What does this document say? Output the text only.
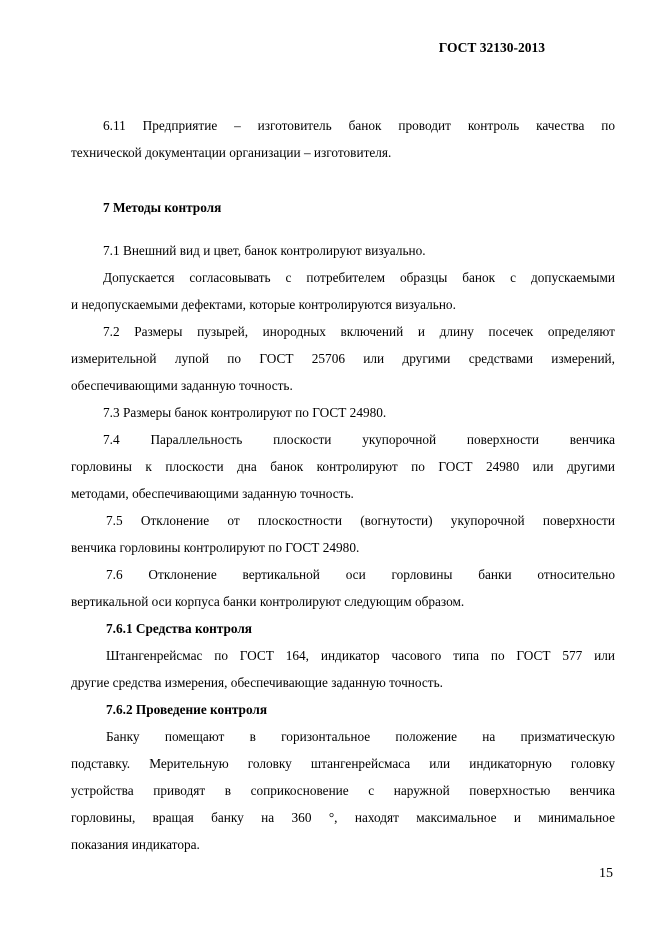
ГОСТ 32130-2013
6.11 Предприятие – изготовитель банок проводит контроль качества по
технической документации организации – изготовителя.
7 Методы контроля
7.1 Внешний вид и цвет, банок контролируют визуально.
Допускается согласовывать с потребителем образцы банок с допускаемыми
и недопускаемыми дефектами, которые контролируются визуально.
7.2 Размеры пузырей, инородных включений и длину посечек определяют
измерительной лупой по ГОСТ 25706 или другими средствами измерений,
обеспечивающими заданную точность.
7.3 Размеры банок контролируют по ГОСТ 24980.
7.4 Параллельность плоскости укупорочной поверхности венчика
горловины к плоскости дна банок контролируют по ГОСТ 24980 или другими
методами, обеспечивающими заданную точность.
7.5 Отклонение от плоскостности (вогнутости) укупорочной поверхности
венчика горловины контролируют по ГОСТ 24980.
7.6 Отклонение вертикальной оси горловины банки относительно
вертикальной оси корпуса банки контролируют следующим образом.
7.6.1 Средства контроля
Штангенрейсмас по ГОСТ 164, индикатор часового типа по ГОСТ 577 или
другие средства измерения, обеспечивающие заданную точность.
7.6.2 Проведение контроля
Банку помещают в горизонтальное положение на призматическую
подставку. Мерительную головку штангенрейсмаса или индикаторную головку
устройства приводят в соприкосновение с наружной поверхностью венчика
горловины, вращая банку на 360 °, находят максимальное и минимальное
показания индикатора.
15
